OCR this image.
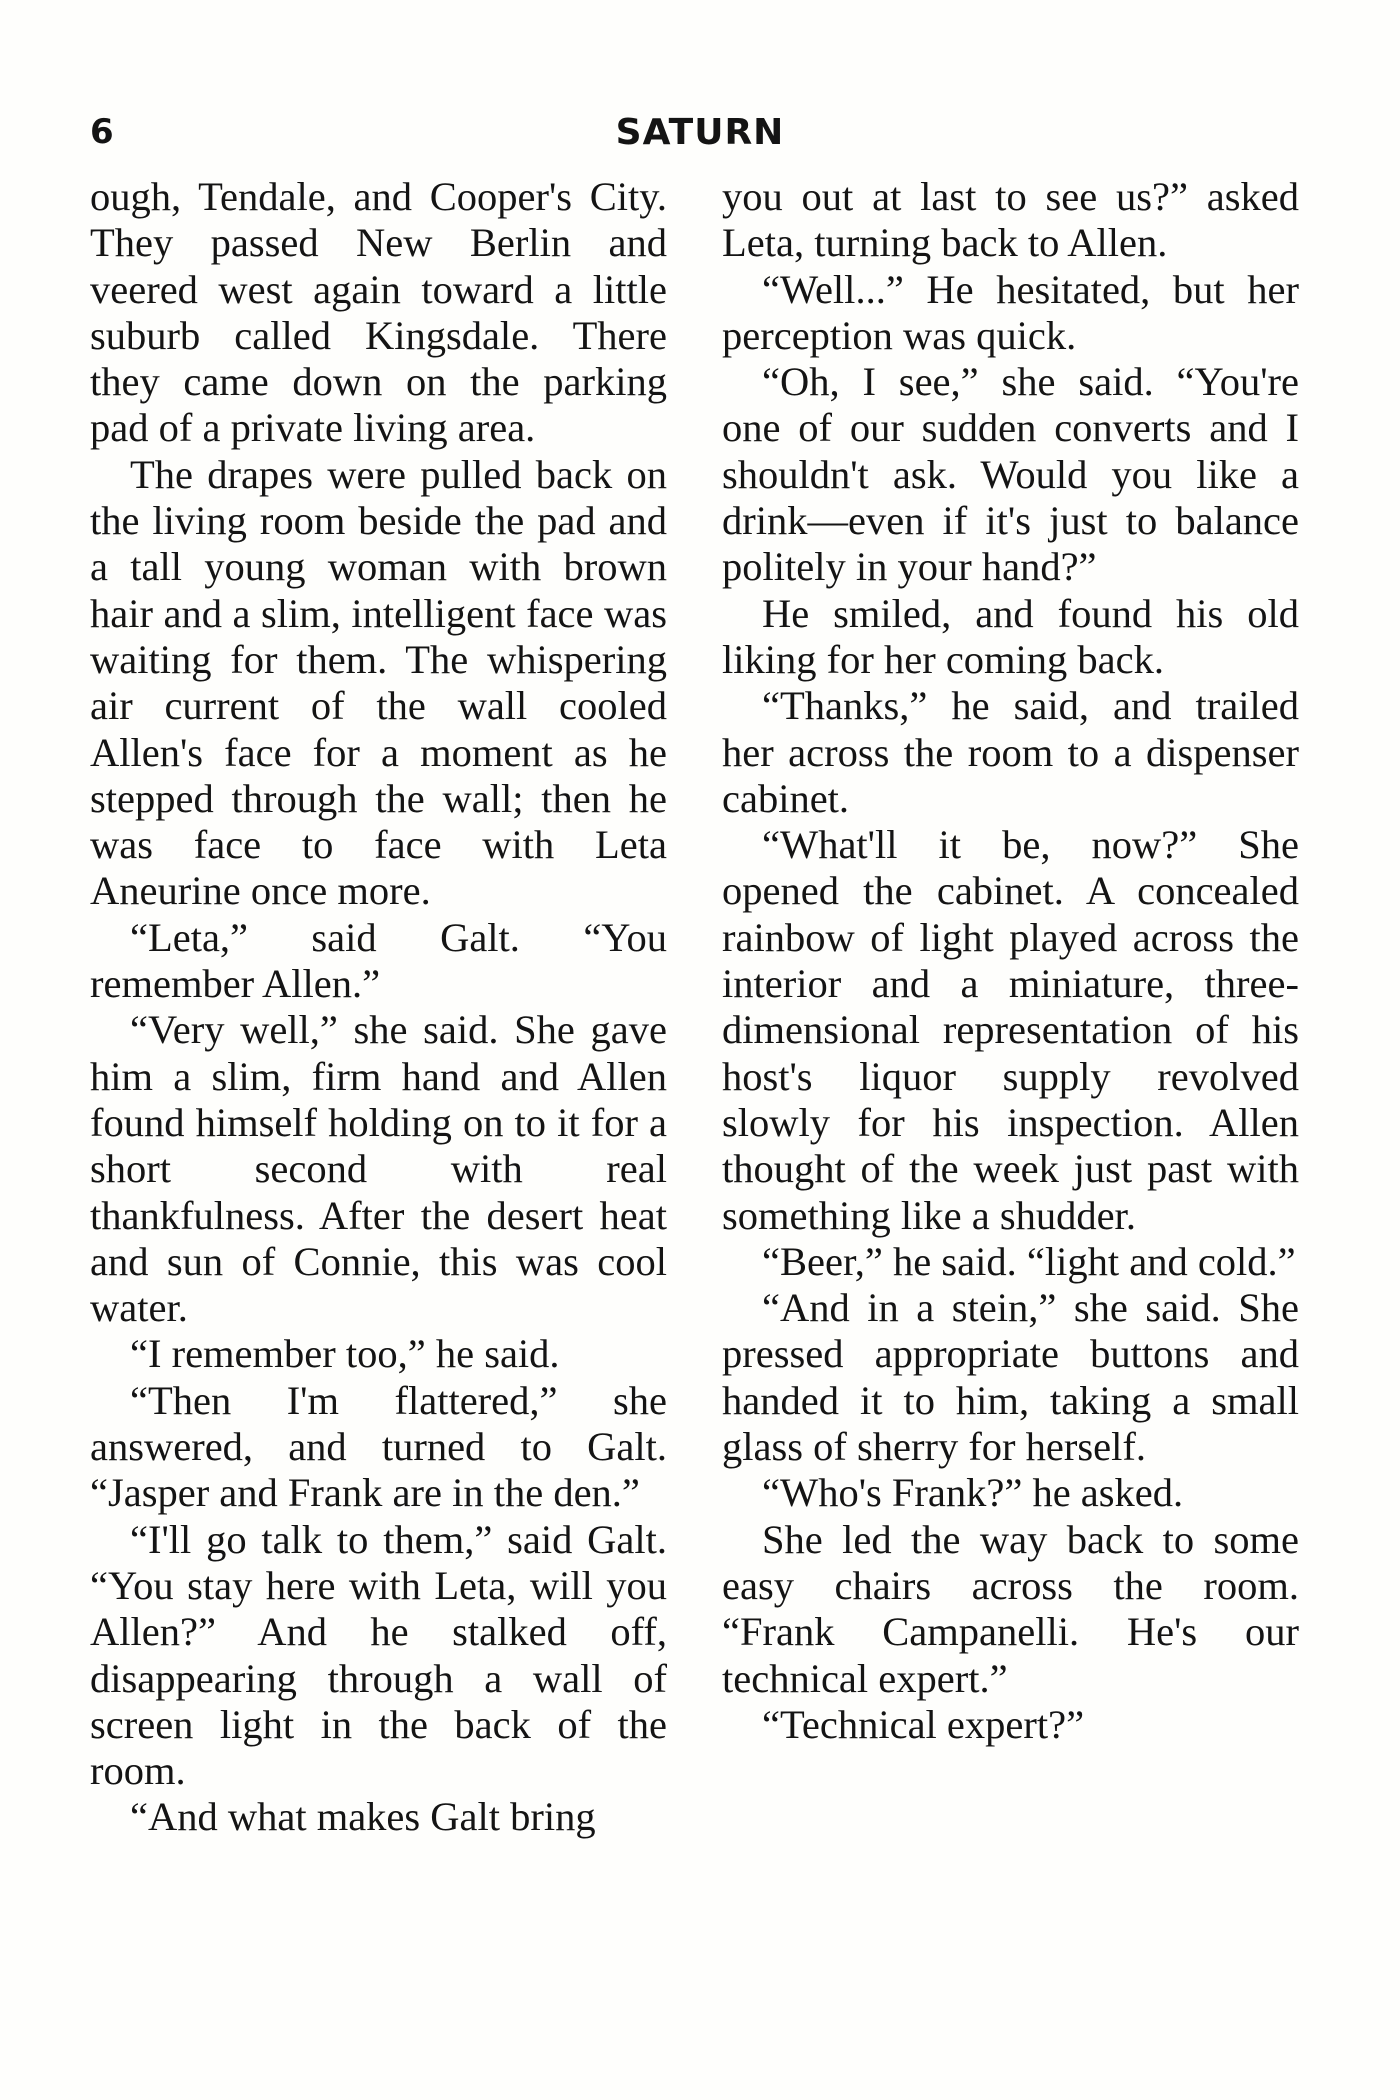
6	SATURN

ough, Tendale, and Cooper's City. They passed New Berlin and veered west again toward a little suburb called Kingsdale. There they came down on the parking pad of a private living area.

The drapes were pulled back on the living room beside the pad and a tall young woman with brown hair and a slim, intelligent face was waiting for them. The whispering air current of the wall cooled Allen's face for a moment as he stepped through the wall; then he was face to face with Leta Aneurine once more.

“Leta,” said Galt. “You remember Allen.”

“Very well,” she said. She gave him a slim, firm hand and Allen found himself holding on to it for a short second with real thankfulness. After the desert heat and sun of Connie, this was cool water.

“I remember too,” he said.

“Then I'm flattered,” she answered, and turned to Galt. “Jasper and Frank are in the den.”

“I'll go talk to them,” said Galt. “You stay here with Leta, will you Allen?” And he stalked off, disappearing through a wall of screen light in the back of the room.

“And what makes Galt bring

you out at last to see us?” asked Leta, turning back to Allen.

“Well...” He hesitated, but her perception was quick.

“Oh, I see,” she said. “You're one of our sudden converts and I shouldn't ask. Would you like a drink—even if it's just to balance politely in your hand?”

He smiled, and found his old liking for her coming back.

“Thanks,” he said, and trailed her across the room to a dispenser cabinet.

“What'll it be, now?” She opened the cabinet. A concealed rainbow of light played across the interior and a miniature, three-dimensional representation of his host's liquor supply revolved slowly for his inspection. Allen thought of the week just past with something like a shudder.

“Beer,” he said. “light and cold.”

“And in a stein,” she said. She pressed appropriate buttons and handed it to him, taking a small glass of sherry for herself.

“Who's Frank?” he asked.

She led the way back to some easy chairs across the room. “Frank Campanelli. He's our technical expert.”

“Technical expert?”
